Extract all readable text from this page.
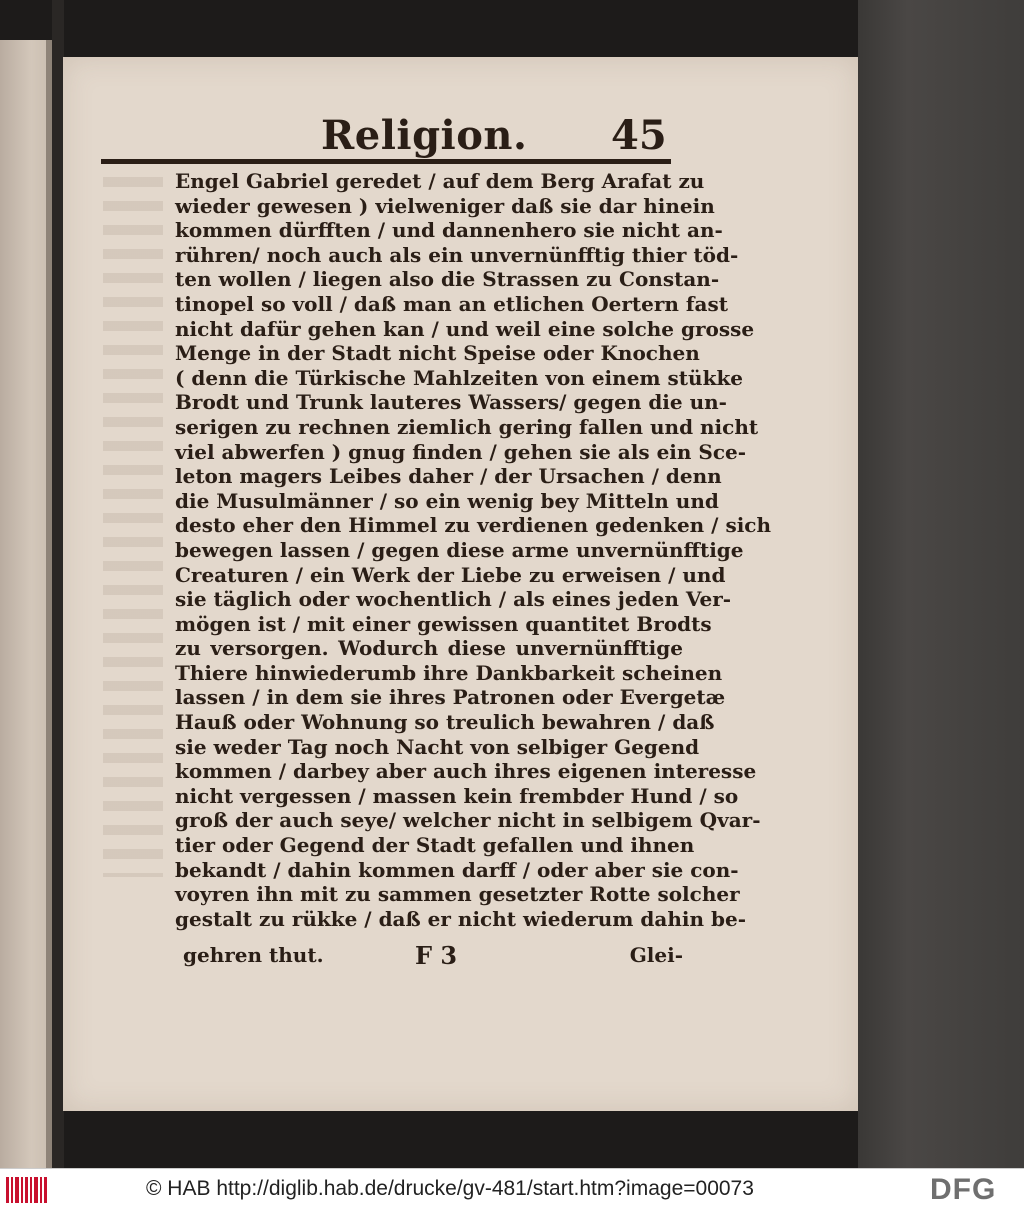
Religion. 45
Engel Gabriel geredet / auf dem Berg Arafat zu
wieder gewesen ) vielweniger daß sie dar hinein
kommen dürfften / und dannenhero sie nicht an-
rühren/ noch auch als ein unvernünfftig thier töd-
ten wollen / liegen also die Strassen zu Constan-
tinopel so voll / daß man an etlichen Oertern fast
nicht dafür gehen kan / und weil eine solche grosse
Menge in der Stadt nicht Speise oder Knochen
( denn die Türkische Mahlzeiten von einem stükke
Brodt und Trunk lauteres Wassers/ gegen die un-
serigen zu rechnen ziemlich gering fallen und nicht
viel abwerfen ) gnug finden / gehen sie als ein Sce-
leton magers Leibes daher / der Ursachen / denn
die Musulmänner / so ein wenig bey Mitteln und
desto eher den Himmel zu verdienen gedenken / sich
bewegen lassen / gegen diese arme unvernünfftige
Creaturen / ein Werk der Liebe zu erweisen / und
sie täglich oder wochentlich / als eines jeden Ver-
mögen ist / mit einer gewissen quantitet Brodts
zu versorgen. Wodurch diese unvernünfftige
Thiere hinwiederumb ihre Dankbarkeit scheinen
lassen / in dem sie ihres Patronen oder Evergetæ
Hauß oder Wohnung so treulich bewahren / daß
sie weder Tag noch Nacht von selbiger Gegend
kommen / darbey aber auch ihres eigenen interesse
nicht vergessen / massen kein frembder Hund / so
groß der auch seye/ welcher nicht in selbigem Qvar-
tier oder Gegend der Stadt gefallen und ihnen
bekandt / dahin kommen darff / oder aber sie con-
voyren ihn mit zu sammen gesetzter Rotte solcher
gestalt zu rükke / daß er nicht wiederum dahin be-
gehren thut.	F 3	Glei-
© HAB http://diglib.hab.de/drucke/gv-481/start.htm?image=00073	DFG
